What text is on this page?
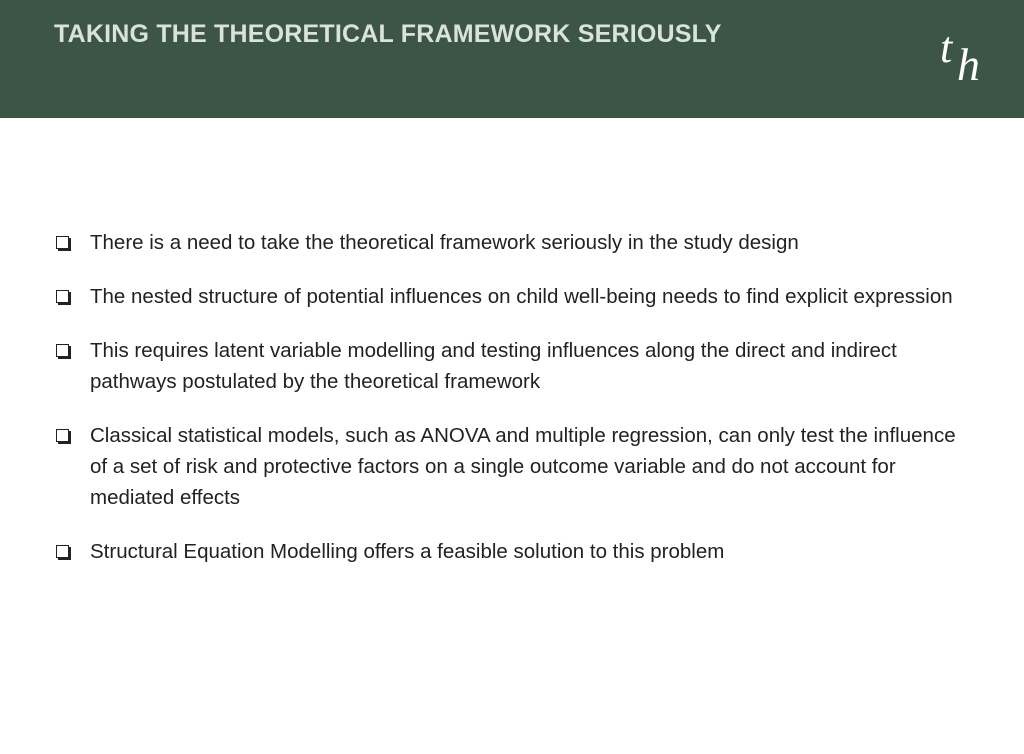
TAKING THE THEORETICAL FRAMEWORK SERIOUSLY	t h
There is a need to take the theoretical framework seriously in the study design
The nested structure of potential influences on child well-being needs to find explicit expression
This requires latent variable modelling and testing influences along the direct and indirect pathways postulated by the theoretical framework
Classical statistical models, such as ANOVA and multiple regression, can only test the influence of a set of risk and protective factors on a single outcome variable and do not account for mediated effects
Structural Equation Modelling offers a feasible solution to this problem
